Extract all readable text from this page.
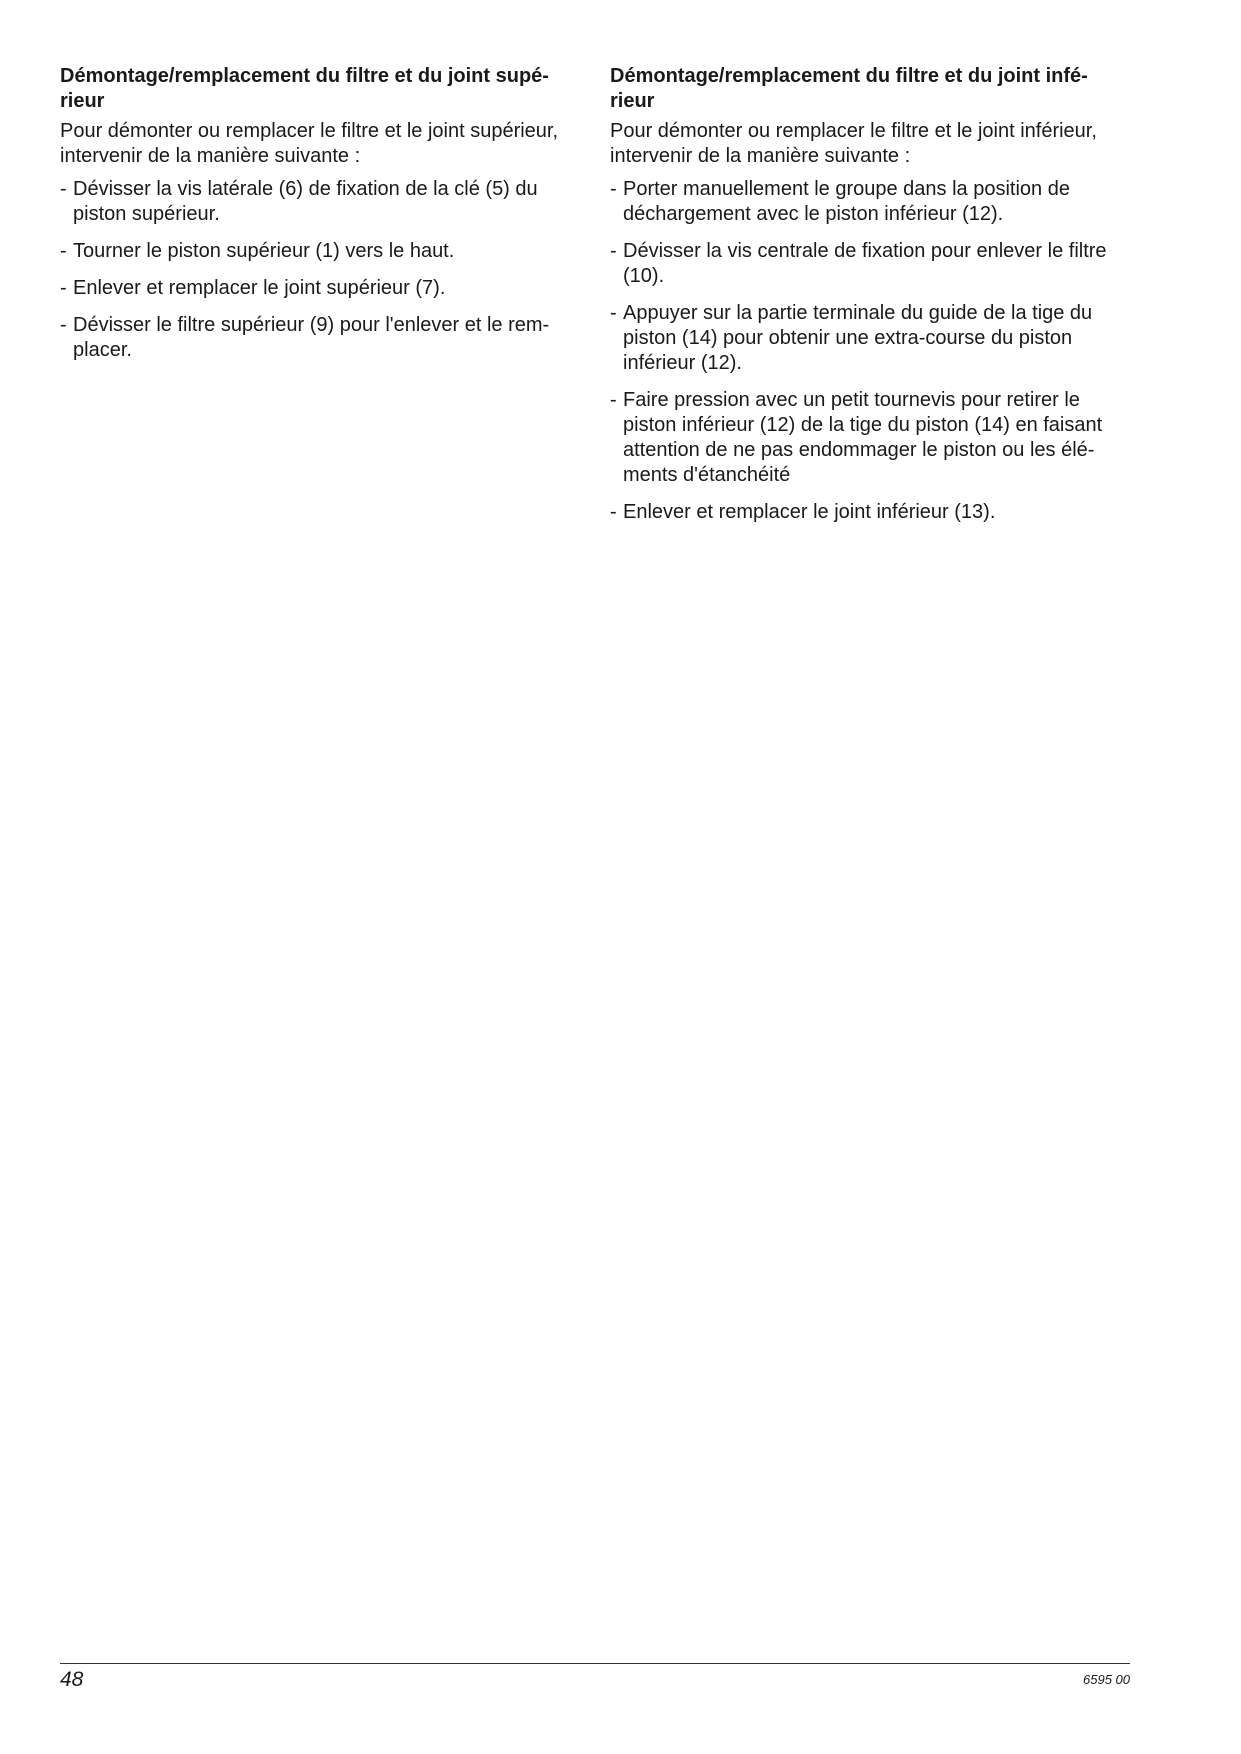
Démontage/remplacement du filtre et du joint supé-rieur
Pour démonter ou remplacer le filtre et le joint supérieur, intervenir de la manière suivante :
- Dévisser la vis latérale (6) de fixation de la clé (5) du piston supérieur.
- Tourner le piston supérieur (1) vers le haut.
- Enlever et remplacer le joint supérieur (7).
- Dévisser le filtre supérieur (9) pour l'enlever et le rem-placer.
Démontage/remplacement du filtre et du joint infé-rieur
Pour démonter ou remplacer le filtre et le joint inférieur, intervenir de la manière suivante :
- Porter manuellement le groupe dans la position de déchargement avec le piston inférieur (12).
- Dévisser la vis centrale de fixation pour enlever le filtre (10).
- Appuyer sur la partie terminale du guide de la tige du piston (14) pour obtenir une extra-course du piston inférieur (12).
- Faire pression avec un petit tournevis pour retirer le piston inférieur (12) de la tige du piston (14) en faisant attention de ne pas endommager le piston ou les élé-ments d'étanchéité
- Enlever et remplacer le joint inférieur (13).
48	6595 00
